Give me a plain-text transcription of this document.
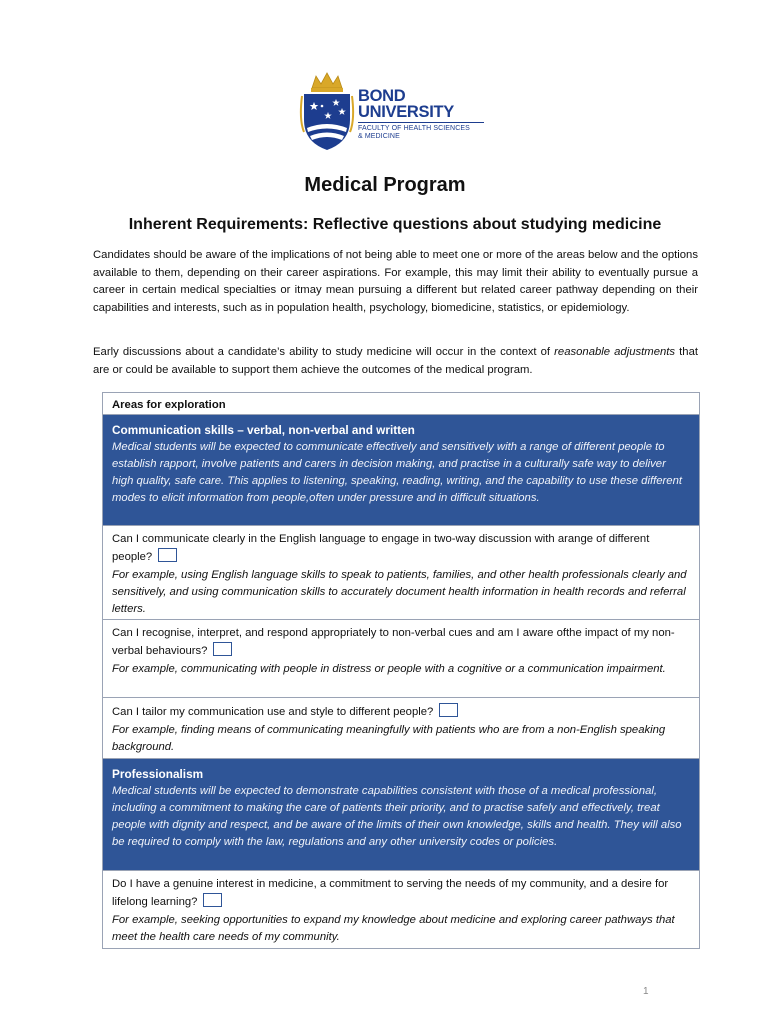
BOND
UNIVERSITY
FACULTY OF HEALTH SCIENCES
& MEDICINE
Medical Program
Inherent Requirements: Reflective questions about studying medicine
Candidates should be aware of the implications of not being able to meet one or more of the areas below and the options available to them, depending on their career aspirations. For example, this may limit their ability to eventually pursue a career in certain medical specialties or itmay mean pursuing a different but related career pathway depending on their capabilities and interests, such as in population health, psychology, biomedicine, statistics, or epidemiology.
Early discussions about a candidate’s ability to study medicine will occur in the context of reasonable adjustments that are or could be available to support them achieve the outcomes of the medical program.
Areas for exploration
Communication skills – verbal, non-verbal and written
Medical students will be expected to communicate effectively and sensitively with a range of different people to establish rapport, involve patients and carers in decision making, and practise in a culturally safe way to deliver high quality, safe care. This applies to listening, speaking, reading, writing, and the capability to use these different modes to elicit information from people,often under pressure and in difficult situations.
Can I communicate clearly in the English language to engage in two-way discussion with arange of different people?
For example, using English language skills to speak to patients, families, and other health professionals clearly and sensitively, and using communication skills to accurately document health information in health records and referral letters.
Can I recognise, interpret, and respond appropriately to non-verbal cues and am I aware ofthe impact of my non-verbal behaviours?
For example, communicating with people in distress or people with a cognitive or a communication impairment.
Can I tailor my communication use and style to different people?
For example, finding means of communicating meaningfully with patients who are from a non-English speaking background.
Professionalism
Medical students will be expected to demonstrate capabilities consistent with those of a medical professional, including a commitment to making the care of patients their priority, and to practise safely and effectively, treat people with dignity and respect, and be aware of the limits of their own knowledge, skills and health. They will also be required to comply with the law, regulations and any other university codes or policies.
Do I have a genuine interest in medicine, a commitment to serving the needs of my community, and a desire for lifelong learning?
For example, seeking opportunities to expand my knowledge about medicine and exploring career pathways that meet the health care needs of my community.
1
